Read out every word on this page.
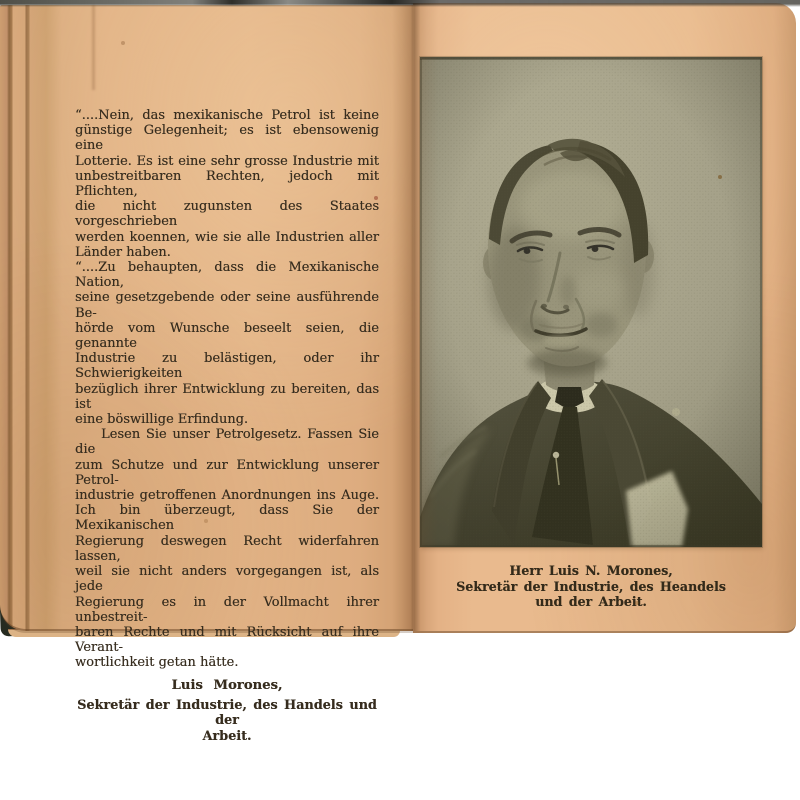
“....Nein, das mexikanische Petrol ist keine
günstige Gelegenheit; es ist ebensowenig eine
Lotterie. Es ist eine sehr grosse Industrie mit
unbestreitbaren Rechten, jedoch mit Pflichten,
die nicht zugunsten des Staates vorgeschrieben
werden koennen, wie sie alle Industrien aller
Länder haben.
“....Zu behaupten, dass die Mexikanische Nation,
seine gesetzgebende oder seine ausführende Be-
hörde vom Wunsche beseelt seien, die genannte
Industrie zu belästigen, oder ihr Schwierigkeiten
bezüglich ihrer Entwicklung zu bereiten, das ist
eine böswillige Erfindung.
Lesen Sie unser Petrolgesetz. Fassen Sie die
zum Schutze und zur Entwicklung unserer Petrol-
industrie getroffenen Anordnungen ins Auge.
Ich bin überzeugt, dass Sie der Mexikanischen
Regierung deswegen Recht widerfahren lassen,
weil sie nicht anders vorgegangen ist, als jede
Regierung es in der Vollmacht ihrer unbestreit-
baren Rechte und mit Rücksicht auf ihre Verant-
wortlichkeit getan hätte.
Luis Morones,
Sekretär der Industrie, des Handels und der
Arbeit.
Herr Luis N. Morones,
Sekretär der Industrie, des Heandels
und der Arbeit.
